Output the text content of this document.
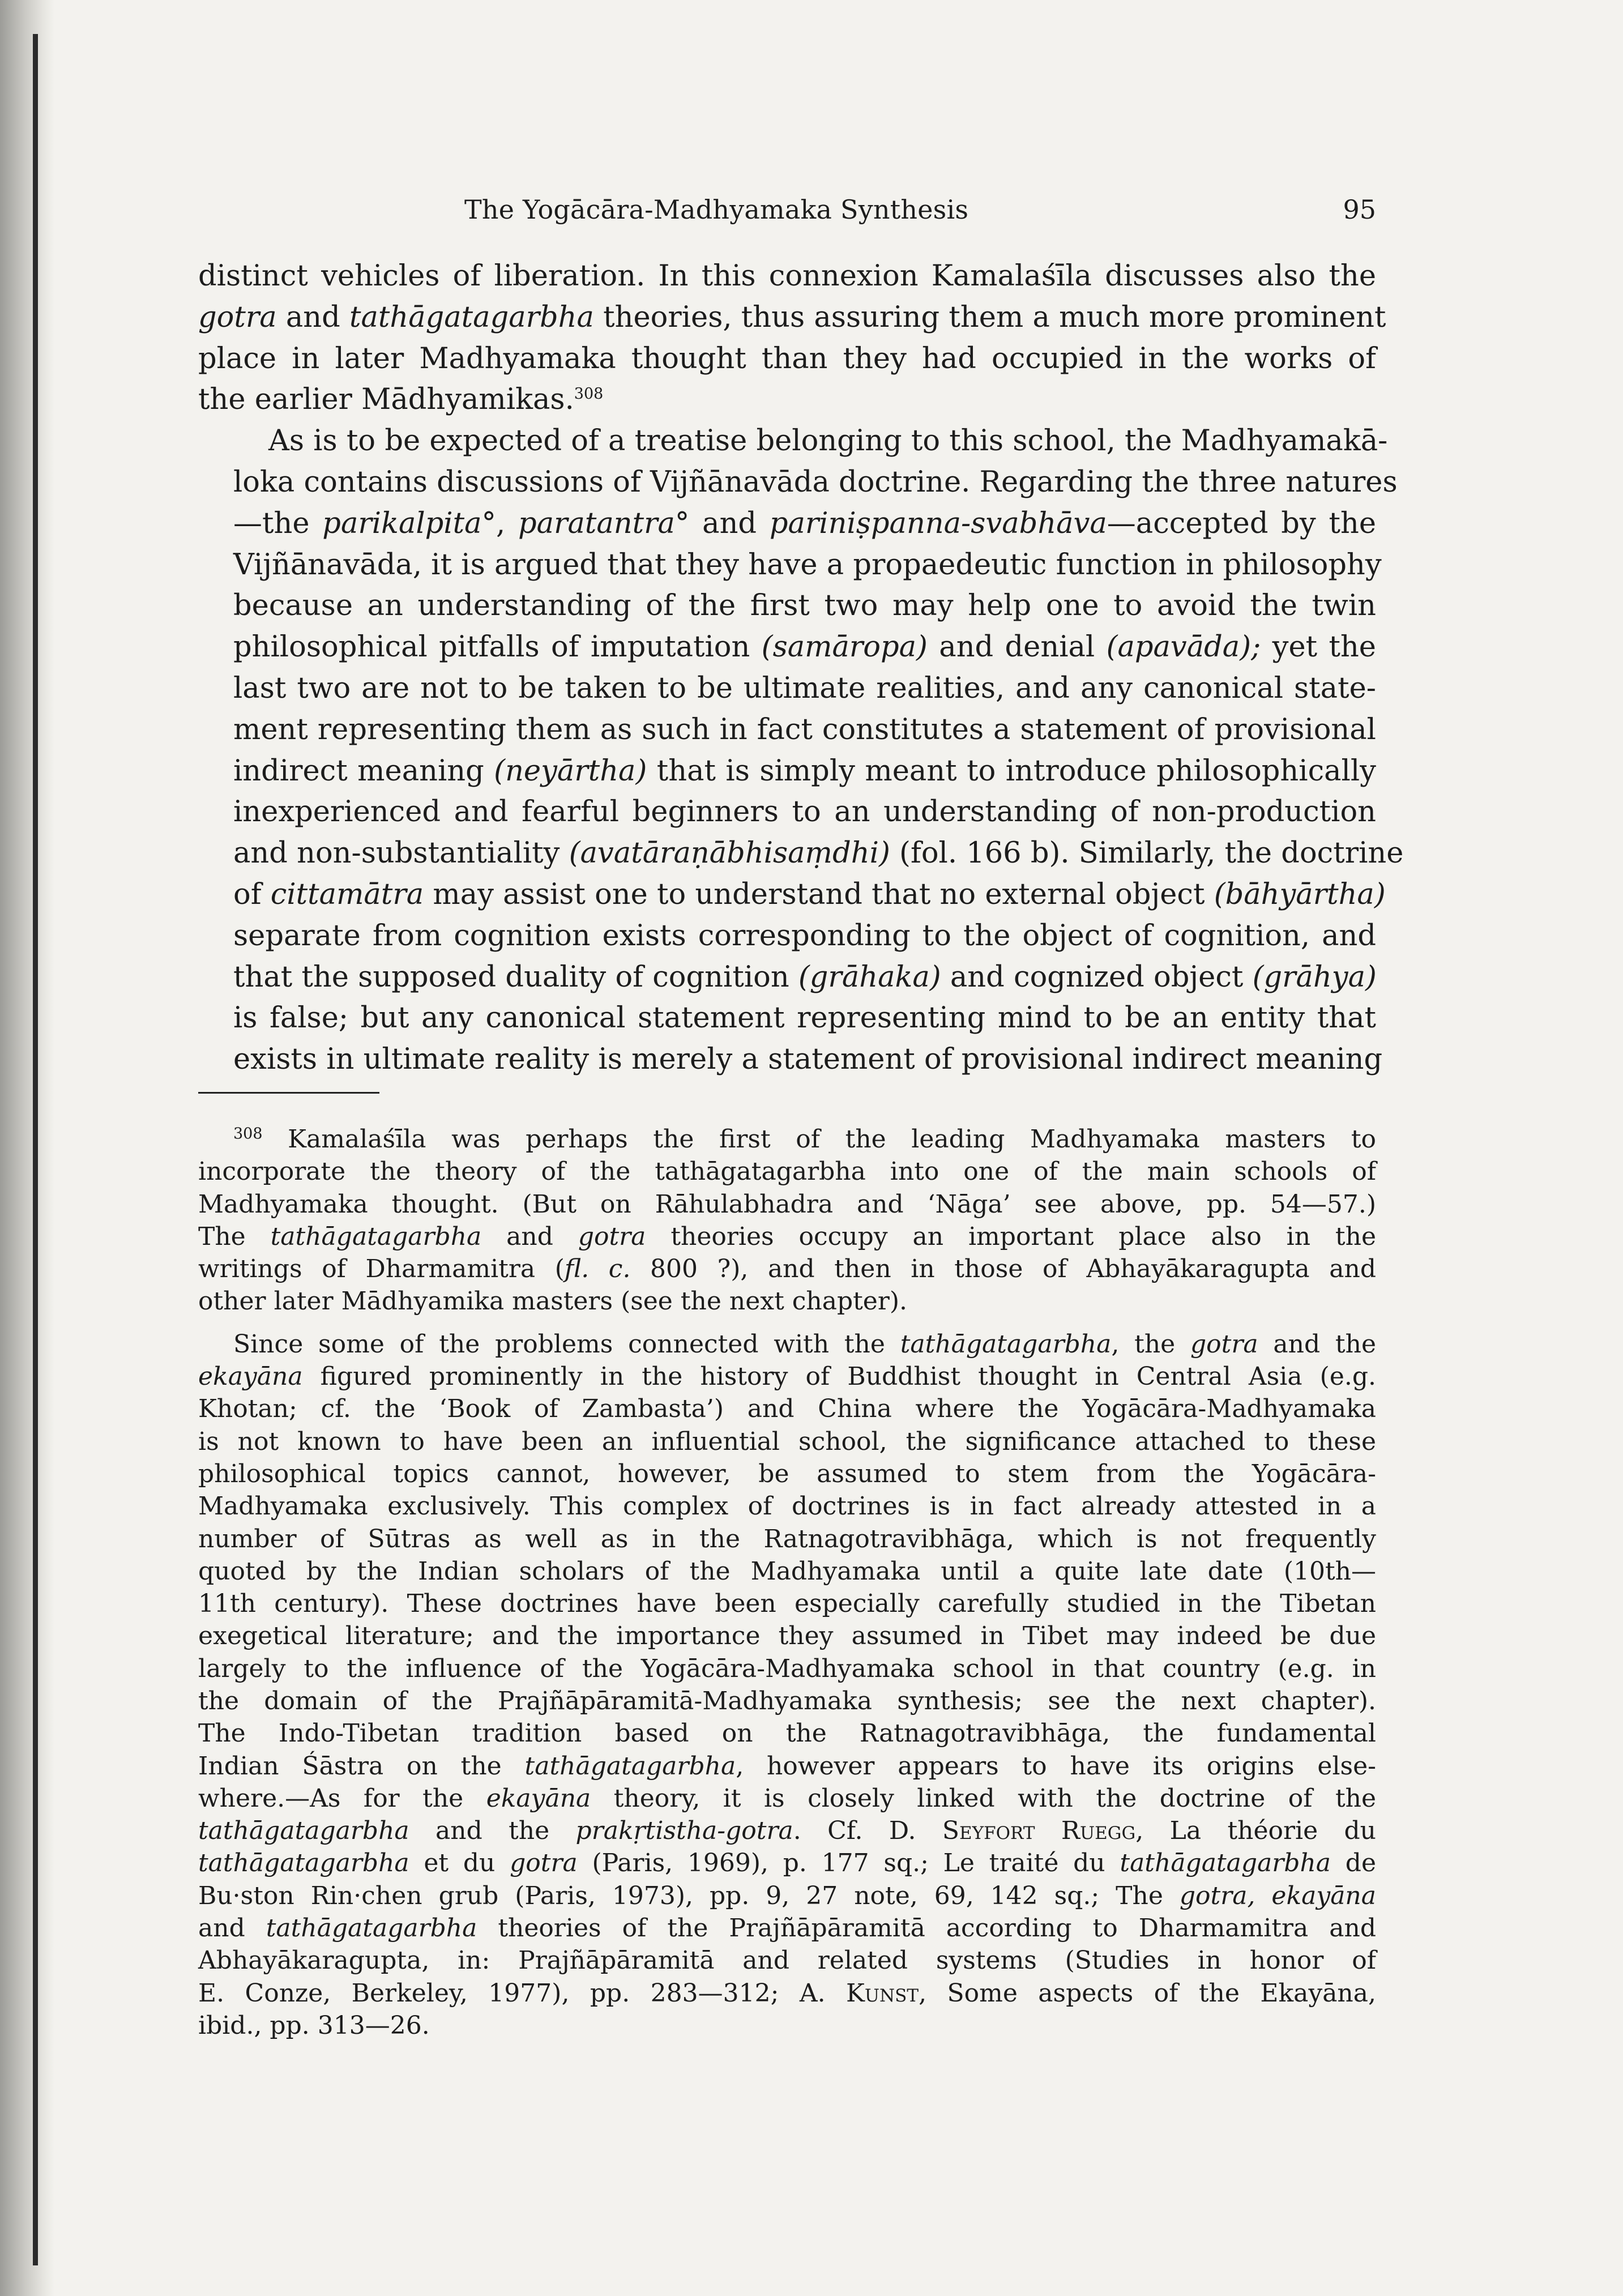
The Yogācāra-Madhyamaka Synthesis	95

distinct vehicles of liberation. In this connexion Kamalaśīla discusses also the
gotra and tathāgatagarbha theories, thus assuring them a much more prominent
place in later Madhyamaka thought than they had occupied in the works of
the earlier Mādhyamikas.$^{308}$

As is to be expected of a treatise belonging to this school, the Madhyamakā-
loka contains discussions of Vijñānavāda doctrine. Regarding the three natures
—the parikalpita°, paratantra° and pariniṣpanna-svabhāva—accepted by the
Vijñānavāda, it is argued that they have a propaedeutic function in philosophy
because an understanding of the first two may help one to avoid the twin
philosophical pitfalls of imputation (samāropa) and denial (apavāda); yet the
last two are not to be taken to be ultimate realities, and any canonical state-
ment representing them as such in fact constitutes a statement of provisional
indirect meaning (neyārtha) that is simply meant to introduce philosophically
inexperienced and fearful beginners to an understanding of non-production
and non-substantiality (avatāraṇābhisaṃdhi) (fol. 166 b). Similarly, the doctrine
of cittamātra may assist one to understand that no external object (bāhyārtha)
separate from cognition exists corresponding to the object of cognition, and
that the supposed duality of cognition (grāhaka) and cognized object (grāhya)
is false; but any canonical statement representing mind to be an entity that
exists in ultimate reality is merely a statement of provisional indirect meaning

$^{308}$ Kamalaśīla was perhaps the first of the leading Madhyamaka masters to
incorporate the theory of the tathāgatagarbha into one of the main schools of
Madhyamaka thought. (But on Rāhulabhadra and ‘Nāga’ see above, pp. 54—57.)
The tathāgatagarbha and gotra theories occupy an important place also in the
writings of Dharmamitra (fl. c. 800 ?), and then in those of Abhayākaragupta and
other later Mādhyamika masters (see the next chapter).

Since some of the problems connected with the tathāgatagarbha, the gotra and the
ekayāna figured prominently in the history of Buddhist thought in Central Asia (e.g.
Khotan; cf. the ‘Book of Zambasta’) and China where the Yogācāra-Madhyamaka
is not known to have been an influential school, the significance attached to these
philosophical topics cannot, however, be assumed to stem from the Yogācāra-
Madhyamaka exclusively. This complex of doctrines is in fact already attested in a
number of Sūtras as well as in the Ratnagotravibhāga, which is not frequently
quoted by the Indian scholars of the Madhyamaka until a quite late date (10th—
11th century). These doctrines have been especially carefully studied in the Tibetan
exegetical literature; and the importance they assumed in Tibet may indeed be due
largely to the influence of the Yogācāra-Madhyamaka school in that country (e.g. in
the domain of the Prajñāpāramitā-Madhyamaka synthesis; see the next chapter).
The Indo-Tibetan tradition based on the Ratnagotravibhāga, the fundamental
Indian Śāstra on the tathāgatagarbha, however appears to have its origins else-
where.—As for the ekayāna theory, it is closely linked with the doctrine of the
tathāgatagarbha and the prakṛtistha-gotra. Cf. D. Seyfort Ruegg, La théorie du
tathāgatagarbha et du gotra (Paris, 1969), p. 177 sq.; Le traité du tathāgatagarbha de
Bu·ston Rin·chen grub (Paris, 1973), pp. 9, 27 note, 69, 142 sq.; The gotra, ekayāna
and tathāgatagarbha theories of the Prajñāpāramitā according to Dharmamitra and
Abhayākaragupta, in: Prajñāpāramitā and related systems (Studies in honor of
E. Conze, Berkeley, 1977), pp. 283—312; A. Kunst, Some aspects of the Ekayāna,
ibid., pp. 313—26.
